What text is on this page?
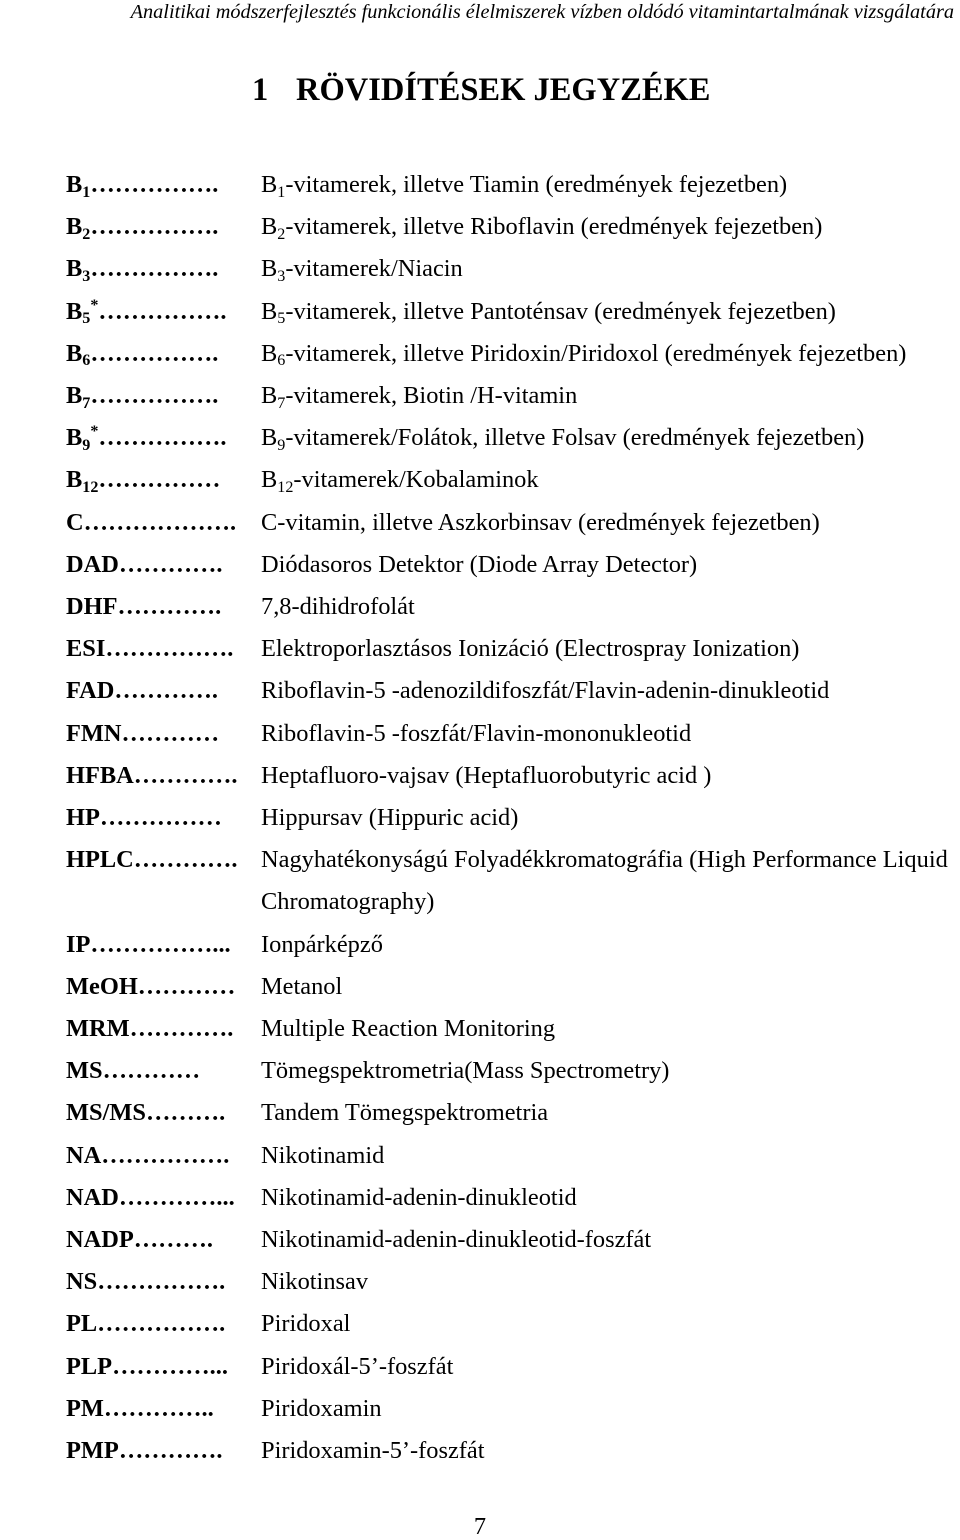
Analitikai módszerfejlesztés funkcionális élelmiszerek vízben oldódó vitamintartalmának vizsgálatára
1 RÖVIDÍTÉSEK JEGYZÉKE
$B_1\dots\dots\dots\dots\dots$.	$B_1$-vitamerek, illetve Tiamin (eredmények fejezetben)
$B_2\dots\dots\dots\dots\dots$.	$B_2$-vitamerek, illetve Riboflavin (eredmények fejezetben)
$B_3\dots\dots\dots\dots\dots$.	$B_3-vitamerek$/Niacin
$B_5^*\dots\dots\dots\dots\dots$.	$B_5$-vitamerek, illetve Pantoténsav (eredmények fejezetben)
$B_6\dots\dots\dots\dots\dots$.	$B_6$-vitamerek, illetve Piridoxin/Piridoxol (eredmények fejezetben)
$B_7\dots\dots\dots\dots\dots$.	$B_7$-vitamerek, Biotin /H-vitamin
$B_9^*\dots\dots\dots\dots\dots$.	$B_9-vitamerek$/Folátok, illetve Folsav (eredmények fejezetben)
$B_{12}\dots\dots\dots\dots\dots$	$B_{12}-vitamerek$/Kobalaminok
C……………….	C-vitamin, illetve Aszkorbinsav (eredmények fejezetben)
DAD………….	Diódasoros Detektor (Diode Array Detector)
DHF………….	7,8-dihidrofolát
ESI…………….	Elektroporlasztásos Ionizáció (Electrospray Ionization)
FAD………….	Riboflavin-5 -adenozildifoszfát/Flavin-adenin-dinukleotid
FMN…………	Riboflavin-5 -foszfát/Flavin-mononukleotid
HFBA…………. Heptafluoro-vajsav (Heptafluorobutyric acid )
HP……………	Hippursav (Hippuric acid)
HPLC…………. Nagyhatékonyságú Folyadékkromatográfia (High Performance Liquid
Chromatography)
IP……………...	Ionpárképző
MeOH…………	Metanol
MRM………….	Multiple Reaction Monitoring
MS…………	Tömegspektrometria(Mass Spectrometry)
MS/MS……….	Tandem Tömegspektrometria
NA…………….	Nikotinamid
NAD…………...	Nikotinamid-adenin-dinukleotid
NADP……….	Nikotinamid-adenin-dinukleotid-foszfát
NS…………….	Nikotinsav
PL…………….	Piridoxal
PLP…………...	Piridoxál-5’-foszfát
PM…………..	Piridoxamin
PMP………….	Piridoxamin-5’-foszfát
7
